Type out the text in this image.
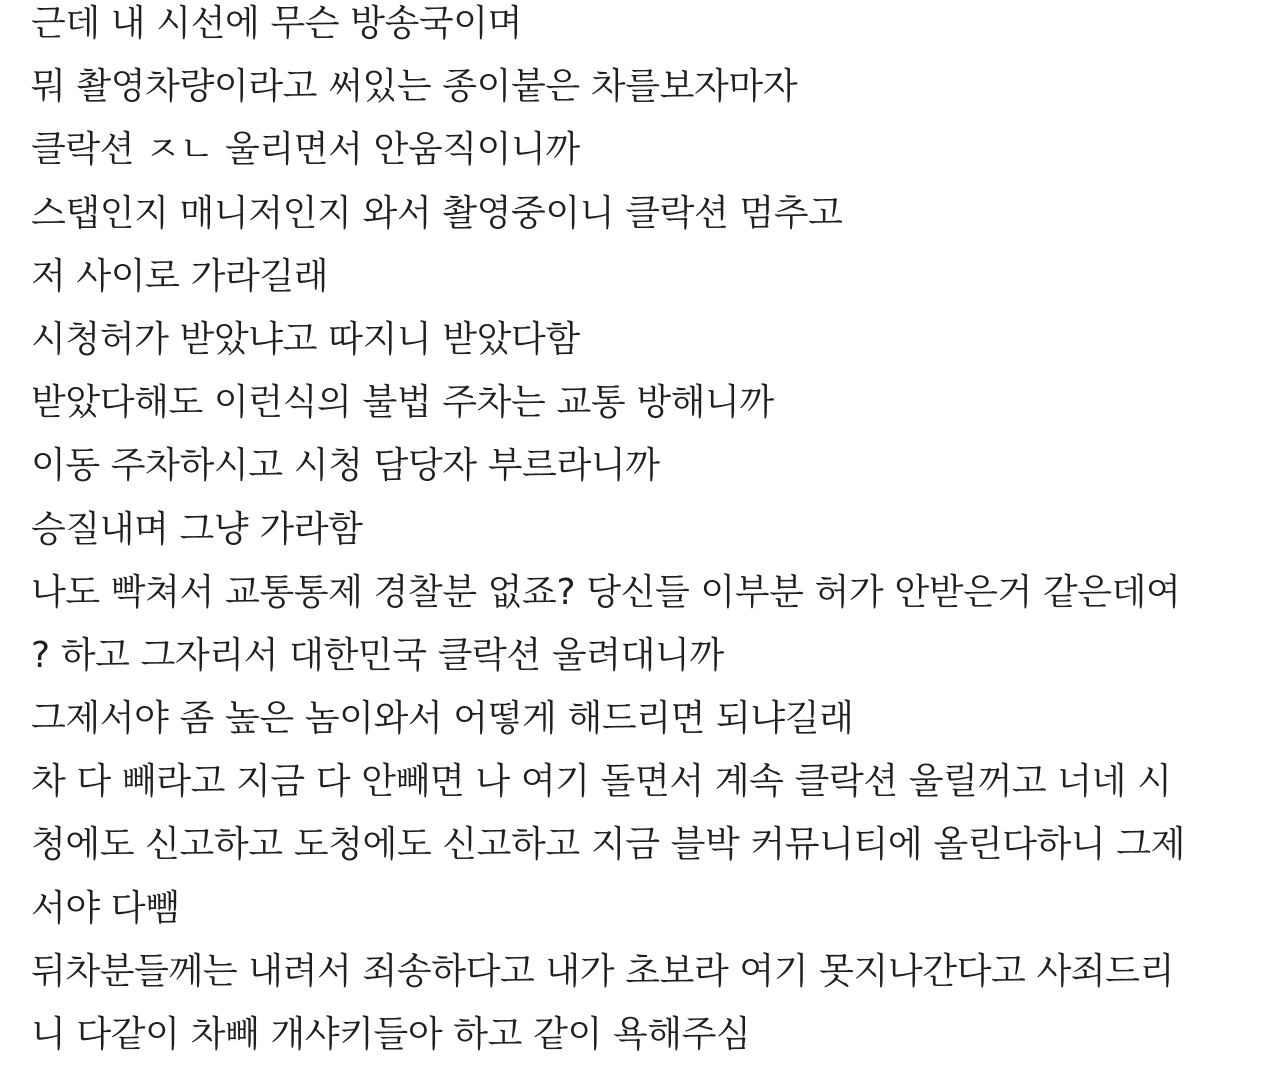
근데 내 시선에 무슨 방송국이며
뭐 촬영차량이라고 써있는 종이붙은 차를보자마자
클락션 ㅈㄴ 울리면서 안움직이니까
스탭인지 매니저인지 와서 촬영중이니 클락션 멈추고
저 사이로 가라길래
시청허가 받았냐고 따지니 받았다함
받았다해도 이런식의 불법 주차는 교통 방해니까
이동 주차하시고 시청 담당자 부르라니까
승질내며 그냥 가라함
나도 빡쳐서 교통통제 경찰분 없죠? 당신들 이부분 허가 안받은거 같은데여
? 하고 그자리서 대한민국 클락션 울려대니까
그제서야 좀 높은 놈이와서 어떻게 해드리면 되냐길래
차 다 빼라고 지금 다 안빼면 나 여기 돌면서 계속 클락션 울릴꺼고 너네 시
청에도 신고하고 도청에도 신고하고 지금 블박 커뮤니티에 올린다하니 그제
서야 다뺌
뒤차분들께는 내려서 죄송하다고 내가 초보라 여기 못지나간다고 사죄드리
니 다같이 차빼 개샤키들아 하고 같이 욕해주심
